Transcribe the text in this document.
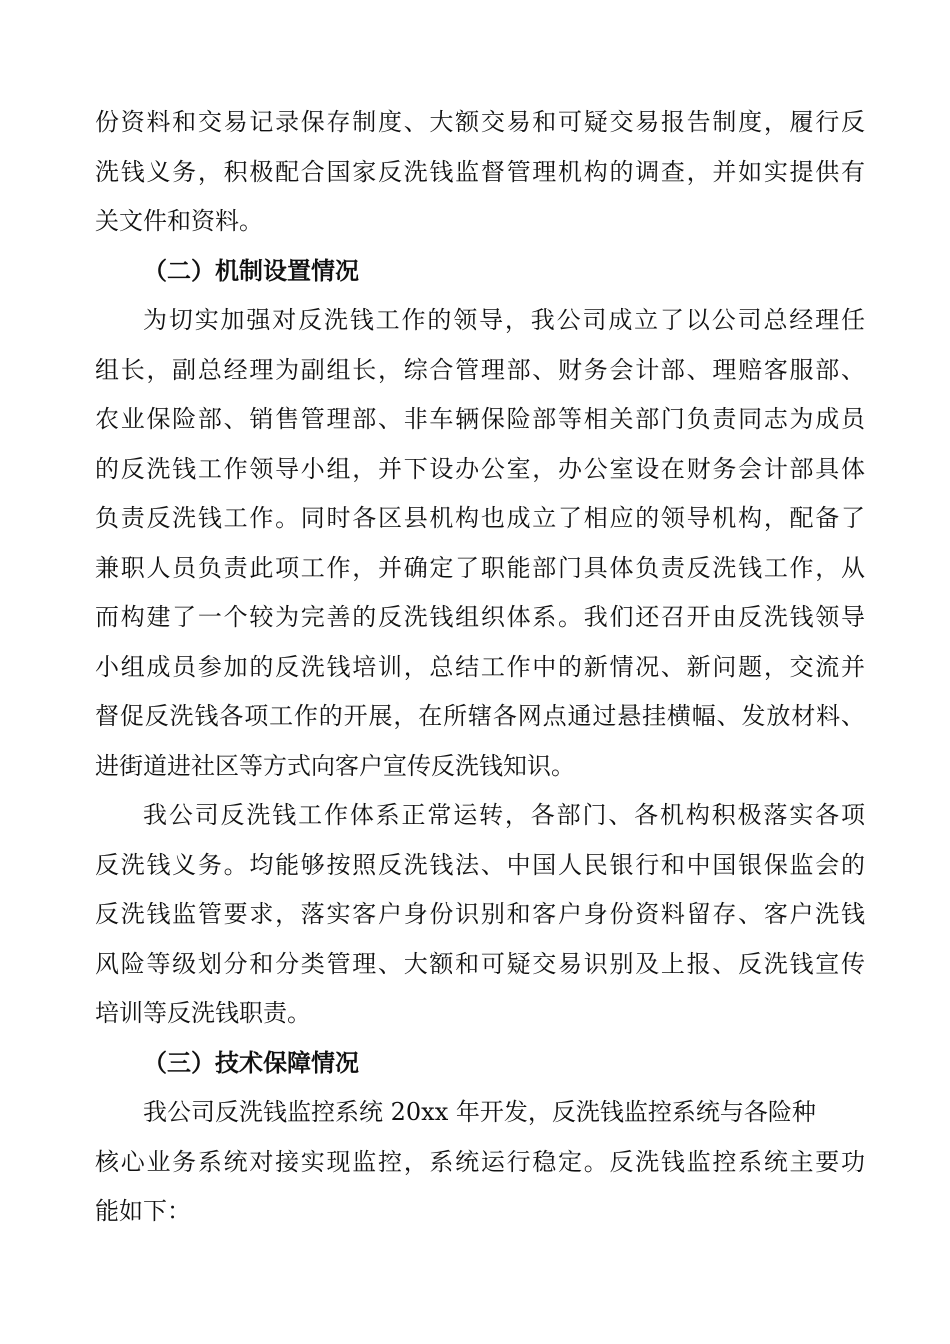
份资料和交易记录保存制度、大额交易和可疑交易报告制度，履行反
洗钱义务，积极配合国家反洗钱监督管理机构的调查，并如实提供有
关文件和资料。
（二）机制设置情况
为切实加强对反洗钱工作的领导，我公司成立了以公司总经理任
组长，副总经理为副组长，综合管理部、财务会计部、理赔客服部、
农业保险部、销售管理部、非车辆保险部等相关部门负责同志为成员
的反洗钱工作领导小组，并下设办公室，办公室设在财务会计部具体
负责反洗钱工作。同时各区县机构也成立了相应的领导机构，配备了
兼职人员负责此项工作，并确定了职能部门具体负责反洗钱工作，从
而构建了一个较为完善的反洗钱组织体系。我们还召开由反洗钱领导
小组成员参加的反洗钱培训，总结工作中的新情况、新问题，交流并
督促反洗钱各项工作的开展，在所辖各网点通过悬挂横幅、发放材料、
进街道进社区等方式向客户宣传反洗钱知识。
我公司反洗钱工作体系正常运转，各部门、各机构积极落实各项
反洗钱义务。均能够按照反洗钱法、中国人民银行和中国银保监会的
反洗钱监管要求，落实客户身份识别和客户身份资料留存、客户洗钱
风险等级划分和分类管理、大额和可疑交易识别及上报、反洗钱宣传
培训等反洗钱职责。
（三）技术保障情况
我公司反洗钱监控系统 20xx 年开发，反洗钱监控系统与各险种
核心业务系统对接实现监控，系统运行稳定。反洗钱监控系统主要功
能如下：
